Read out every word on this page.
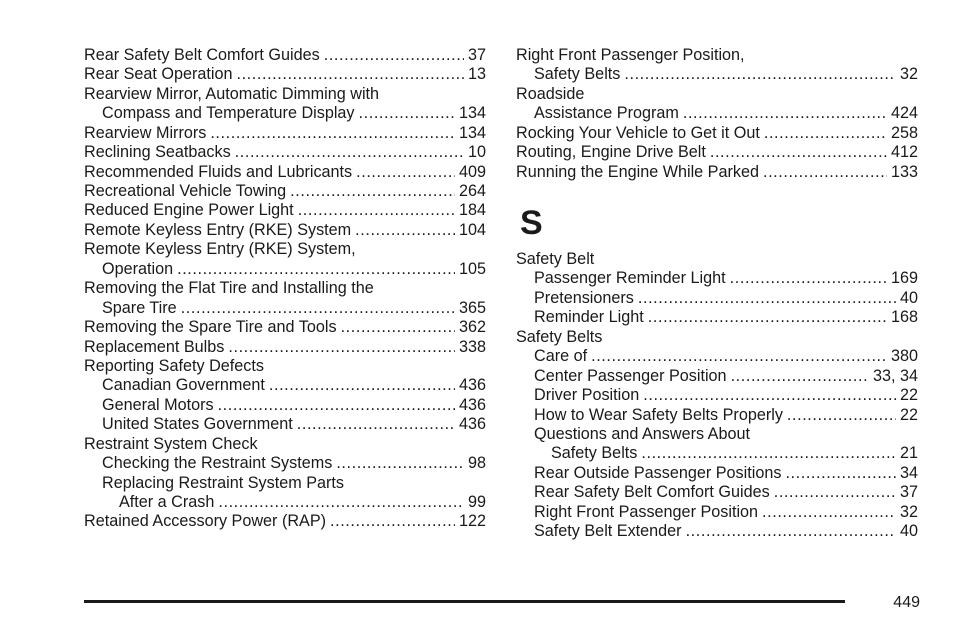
Rear Safety Belt Comfort Guides .....	37
Rear Seat Operation .....	13
Rearview Mirror, Automatic Dimming with
Compass and Temperature Display .....	134
Rearview Mirrors .....	134
Reclining Seatbacks .....	10
Recommended Fluids and Lubricants .....	409
Recreational Vehicle Towing .....	264
Reduced Engine Power Light .....	184
Remote Keyless Entry (RKE) System .....	104
Remote Keyless Entry (RKE) System,
Operation .....	105
Removing the Flat Tire and Installing the
Spare Tire .....	365
Removing the Spare Tire and Tools .....	362
Replacement Bulbs .....	338
Reporting Safety Defects
Canadian Government .....	436
General Motors .....	436
United States Government .....	436
Restraint System Check
Checking the Restraint Systems .....	98
Replacing Restraint System Parts
After a Crash .....	99
Retained Accessory Power (RAP) .....	122
Right Front Passenger Position,
Safety Belts .....	32
Roadside
Assistance Program .....	424
Rocking Your Vehicle to Get it Out .....	258
Routing, Engine Drive Belt .....	412
Running the Engine While Parked .....	133
S
Safety Belt
Passenger Reminder Light .....	169
Pretensioners .....	40
Reminder Light .....	168
Safety Belts
Care of .....	380
Center Passenger Position .....	33, 34
Driver Position .....	22
How to Wear Safety Belts Properly .....	22
Questions and Answers About
Safety Belts .....	21
Rear Outside Passenger Positions .....	34
Rear Safety Belt Comfort Guides .....	37
Right Front Passenger Position .....	32
Safety Belt Extender .....	40
449
